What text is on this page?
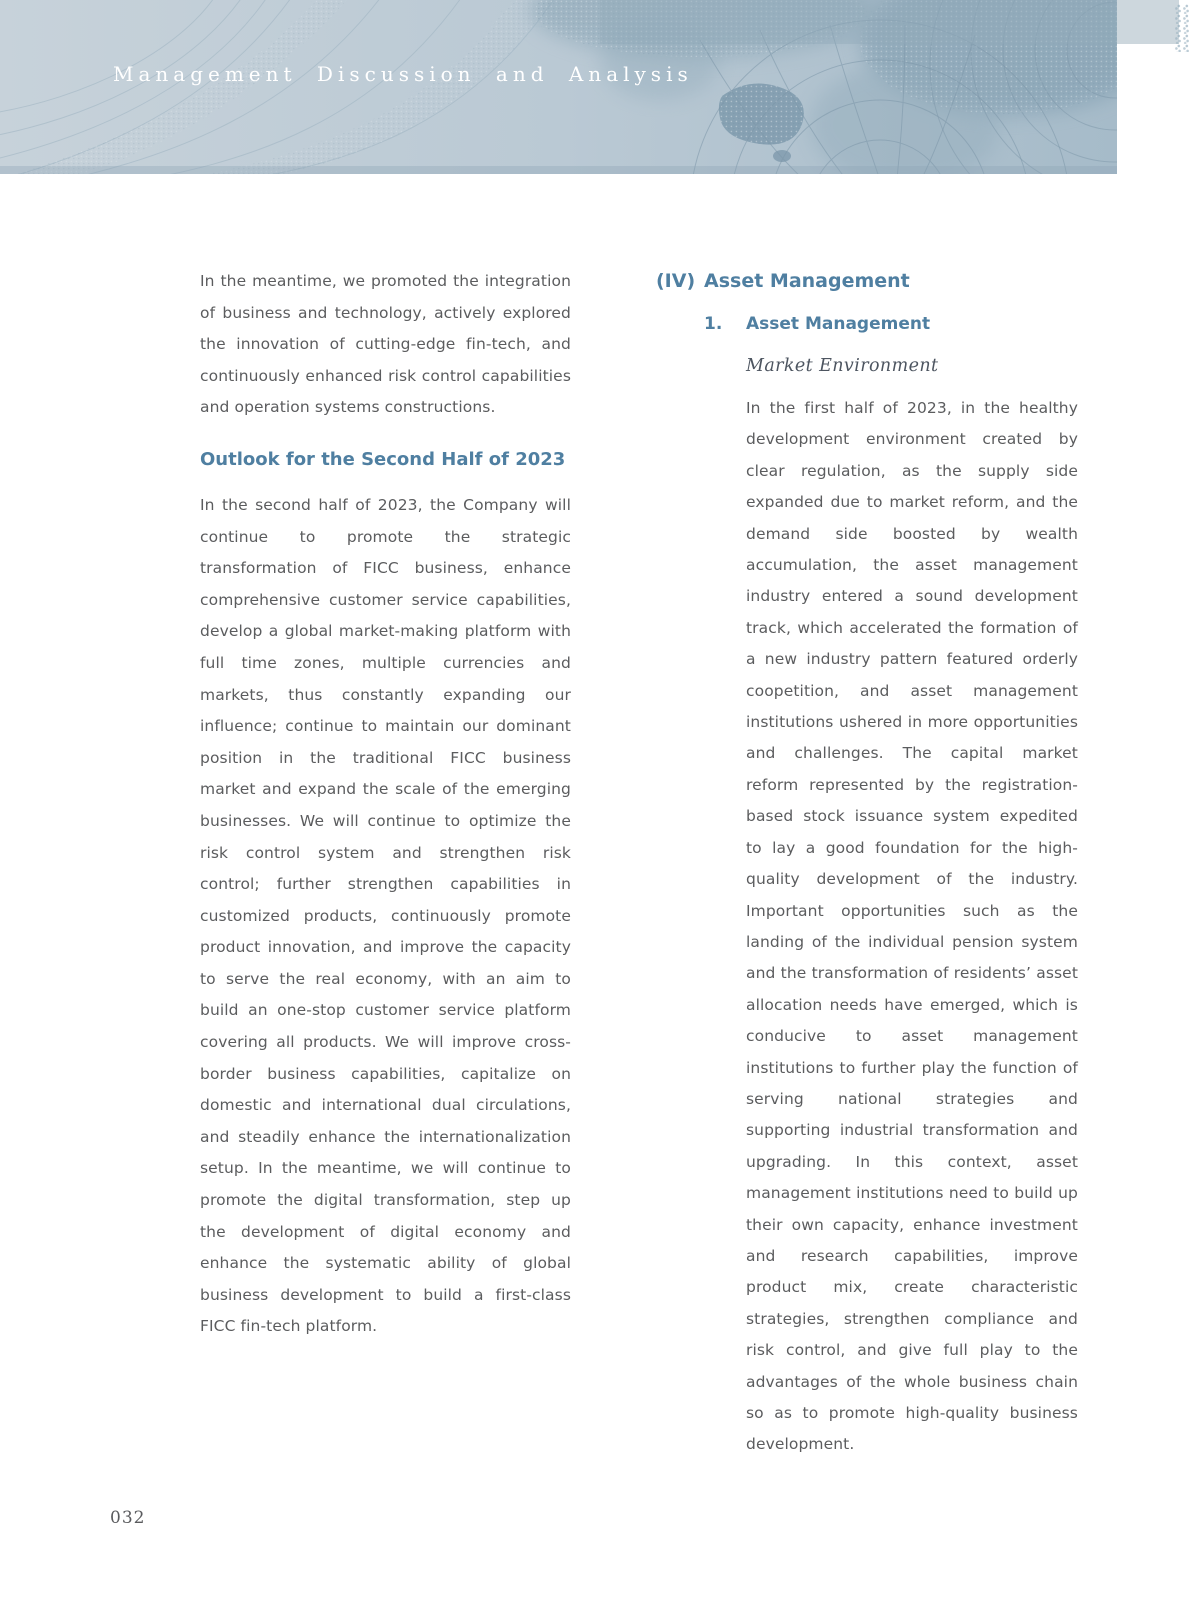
Management Discussion and Analysis

In the meantime, we promoted the integration of business and technology, actively explored the innovation of cutting-edge fin-tech, and continuously enhanced risk control capabilities and operation systems constructions.

Outlook for the Second Half of 2023

In the second half of 2023, the Company will continue to promote the strategic transformation of FICC business, enhance comprehensive customer service capabilities, develop a global market-making platform with full time zones, multiple currencies and markets, thus constantly expanding our influence; continue to maintain our dominant position in the traditional FICC business market and expand the scale of the emerging businesses. We will continue to optimize the risk control system and strengthen risk control; further strengthen capabilities in customized products, continuously promote product innovation, and improve the capacity to serve the real economy, with an aim to build an one-stop customer service platform covering all products. We will improve cross-border business capabilities, capitalize on domestic and international dual circulations, and steadily enhance the internationalization setup. In the meantime, we will continue to promote the digital transformation, step up the development of digital economy and enhance the systematic ability of global business development to build a first-class FICC fin-tech platform.

(IV) Asset Management
1.	Asset Management
Market Environment

In the first half of 2023, in the healthy development environment created by clear regulation, as the supply side expanded due to market reform, and the demand side boosted by wealth accumulation, the asset management industry entered a sound development track, which accelerated the formation of a new industry pattern featured orderly coopetition, and asset management institutions ushered in more opportunities and challenges. The capital market reform represented by the registration-based stock issuance system expedited to lay a good foundation for the high-quality development of the industry. Important opportunities such as the landing of the individual pension system and the transformation of residents’ asset allocation needs have emerged, which is conducive to asset management institutions to further play the function of serving national strategies and supporting industrial transformation and upgrading. In this context, asset management institutions need to build up their own capacity, enhance investment and research capabilities, improve product mix, create characteristic strategies, strengthen compliance and risk control, and give full play to the advantages of the whole business chain so as to promote high-quality business development.

032
